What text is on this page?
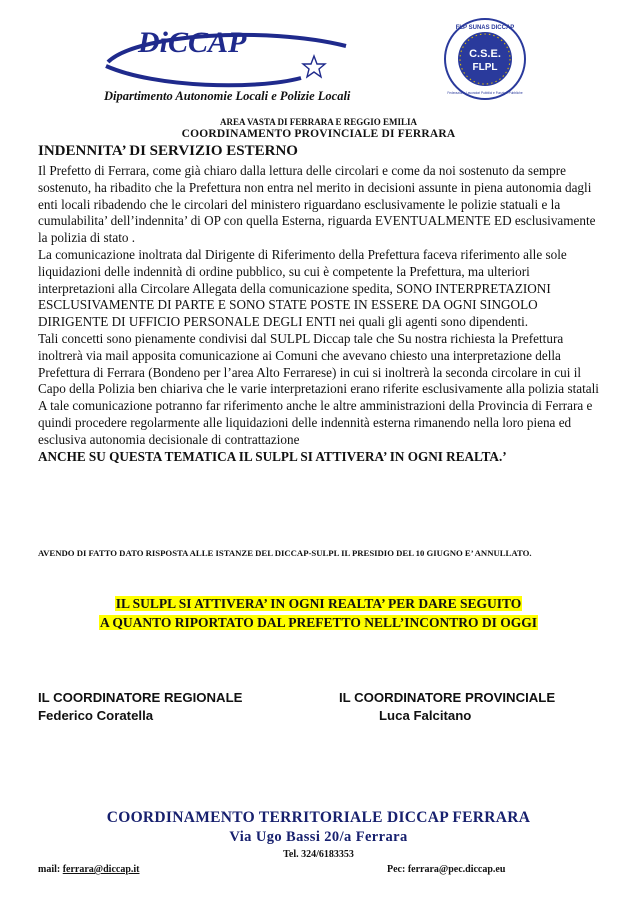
DiCCAP
Dipartimento Autonomie Locali e Polizie Locali
FLP SUNAS DICCAP
C.S.E.
FLPL
Federazione Lavoratori Pubblici e Funzioni Pubbliche
AREA VASTA DI FERRARA E REGGIO EMILIA
COORDINAMENTO PROVINCIALE DI FERRARA
INDENNITA’ DI SERVIZIO ESTERNO

Il Prefetto di Ferrara, come già chiaro dalla lettura delle circolari e come da noi sostenuto da sempre sostenuto, ha ribadito che la Prefettura non entra nel merito in decisioni assunte in piena autonomia dagli enti locali ribadendo che le circolari del ministero riguardano esclusivamente le polizie statuali e la cumulabilita’ dell’indennita’ di OP con quella Esterna, riguarda EVENTUALMENTE ED esclusivamente la polizia di stato .

La comunicazione inoltrata dal Dirigente di Riferimento della Prefettura faceva riferimento alle sole liquidazioni delle indennità di ordine pubblico, su cui è competente la Prefettura, ma ulteriori interpretazioni alla Circolare Allegata della comunicazione spedita, SONO INTERPRETAZIONI ESCLUSIVAMENTE DI PARTE E SONO STATE POSTE IN ESSERE DA OGNI SINGOLO DIRIGENTE DI UFFICIO PERSONALE DEGLI ENTI nei quali gli agenti sono dipendenti.

Tali concetti sono pienamente condivisi dal SULPL Diccap tale che Su nostra richiesta la Prefettura inoltrerà via mail apposita comunicazione ai Comuni che avevano chiesto una interpretazione della Prefettura di Ferrara (Bondeno per l’area Alto Ferrarese) in cui si inoltrerà la seconda circolare in cui il Capo della Polizia ben chiariva che le varie interpretazioni erano riferite esclusivamente alla polizia statali

A tale comunicazione potranno far riferimento anche le altre amministrazioni della Provincia di Ferrara e quindi procedere regolarmente alle liquidazioni delle indennità esterna rimanendo nella loro piena ed esclusiva autonomia decisionale di contrattazione

ANCHE SU QUESTA TEMATICA IL SULPL SI ATTIVERA’ IN OGNI REALTA.’

AVENDO DI FATTO DATO RISPOSTA ALLE ISTANZE DEL DICCAP-SULPL IL PRESIDIO DEL 10 GIUGNO E’ ANNULLATO.
IL SULPL SI ATTIVERA’ IN OGNI REALTA’ PER DARE SEGUITO
A QUANTO RIPORTATO DAL PREFETTO NELL’INCONTRO DI OGGI
IL COORDINATORE REGIONALE
Federico Coratella
IL COORDINATORE PROVINCIALE
Luca Falcitano
COORDINAMENTO TERRITORIALE DICCAP FERRARA
Via Ugo Bassi 20/a Ferrara
Tel. 324/6183353
mail: ferrara@diccap.it	Pec: ferrara@pec.diccap.eu
